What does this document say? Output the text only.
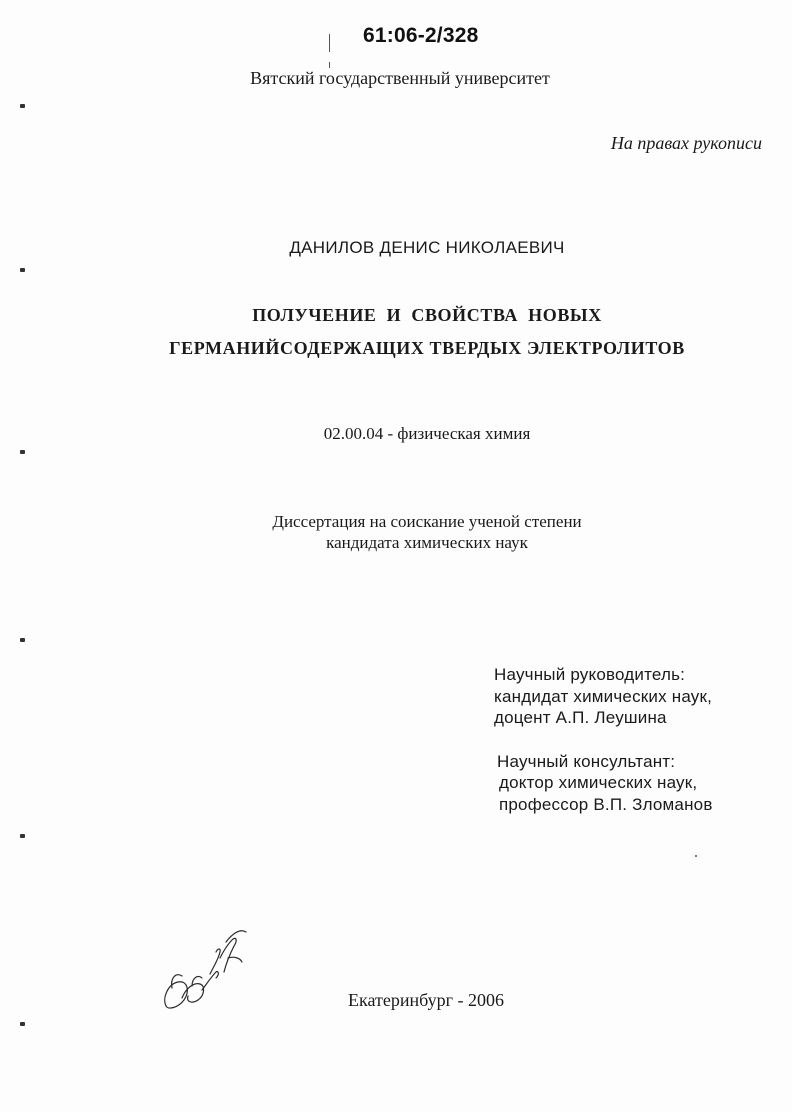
61:06-2/328
Вятский государственный университет
На правах рукописи
ДАНИЛОВ ДЕНИС НИКОЛАЕВИЧ
ПОЛУЧЕНИЕ И СВОЙСТВА НОВЫХ
ГЕРМАНИЙСОДЕРЖАЩИХ ТВЕРДЫХ ЭЛЕКТРОЛИТОВ
02.00.04 - физическая химия
Диссертация на соискание ученой степени
кандидата химических наук
Научный руководитель:
кандидат химических наук,
доцент А.П. Леушина
Научный консультант:
доктор химических наук,
профессор В.П. Зломанов
Екатеринбург - 2006
